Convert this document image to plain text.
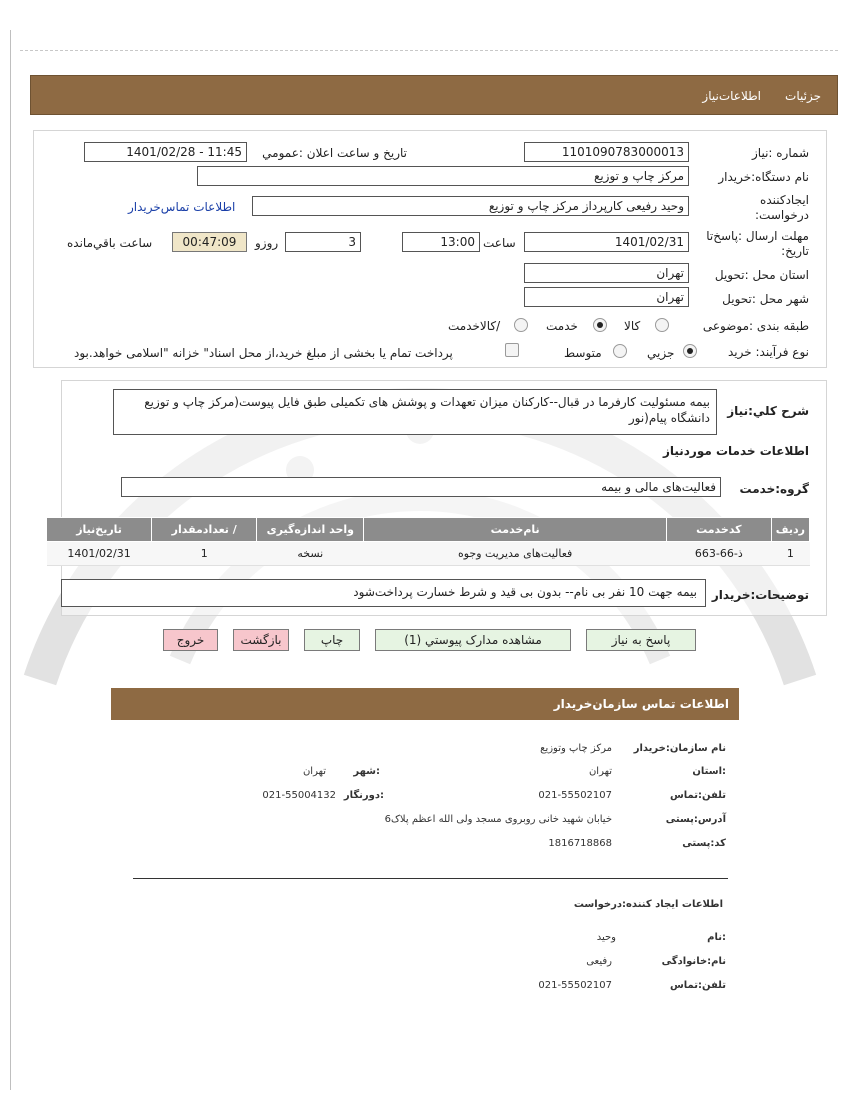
جزئیات
اطلاعات‌نیاز
شماره :نیاز
1101090783000013
تاریخ و ساعت اعلان :عمومي
1401/02/28 - 11:45
نام دستگاه:خریدار
مرکز چاپ و توزیع
ایجادکننده درخواست:
وحید رفیعی کارپرداز مرکز چاپ و توزیع
اطلاعات تماس‌خریدار
مهلت ارسال :پاسخ‌تا تاریخ:
1401/02/31
ساعت
13:00
3
روزو
00:47:09
ساعت باقي‌مانده
استان محل :تحویل
تهران
شهر محل :تحویل
تهران
طبقه بندی :موضوعی
کالا
خدمت
/کالاخدمت
نوع فرآیند: خرید
جزیي
متوسط
پرداخت تمام یا بخشی از مبلغ خرید،از محل اسناد" خزانه "اسلامی خواهد.بود
شرح کلي:نیاز
بیمه مسئولیت کارفرما در قبال--کارکنان میزان تعهدات و پوشش های تکمیلی طبق فایل پیوست(مرکز چاپ و توزیع دانشگاه پیام(نور
اطلاعات خدمات موردنیاز
گروه:خدمت
فعالیت‌های مالی و بیمه
ردیف	کدخدمت	نام‌خدمت	واحد اندازه‌گیری	/ تعدادمقدار	تاریخ‌نیاز
1	ذ-66-663	فعالیت‌های مدیریت وجوه	نسخه	1	1401/02/31
توضیحات:خریدار
بیمه جهت 10 نفر بی نام-- بدون بی قید و شرط خسارت پرداخت‌شود
پاسخ به نیاز
مشاهده مدارک پیوستي (1)
چاپ
بازگشت
خروج
اطلاعات تماس سازمان‌خریدار
نام سازمان:خریدار
مرکز چاپ وتوزیع
:استان
تهران
:شهر
تهران
تلفن:تماس
021-55502107
:دورنگار
021-55004132
آدرس:پستی
خیابان شهید خانی روبروی مسجد ولی الله اعظم پلاک6
کد:پستی
1816718868
اطلاعات ایجاد کننده:درخواست
:نام
وحید
نام:خانوادگی
رفیعی
تلفن:تماس
021-55502107
